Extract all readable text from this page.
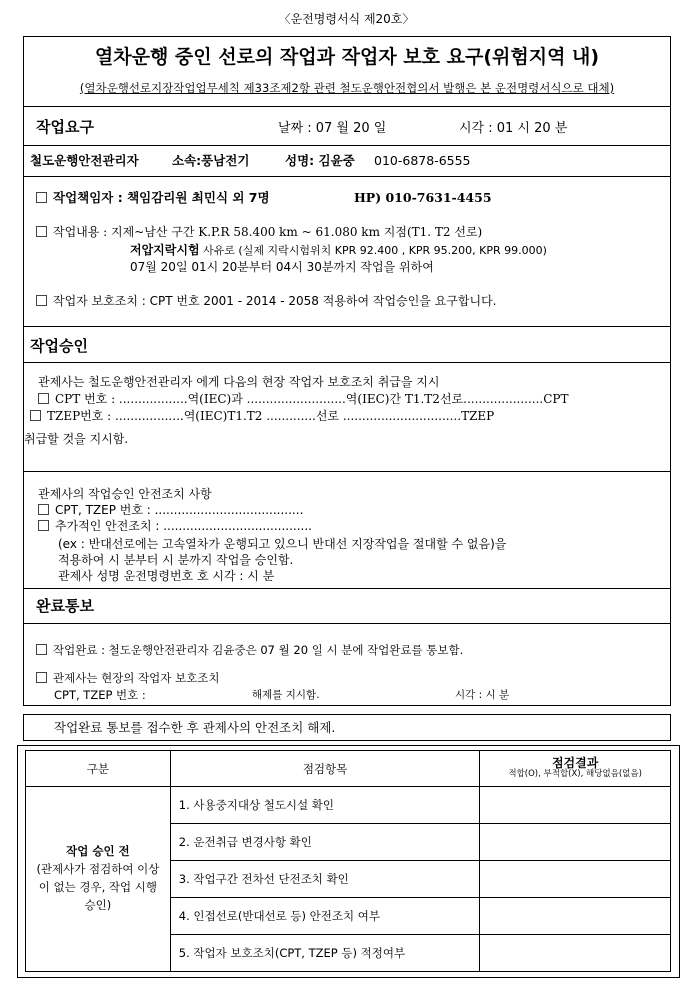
〈운전명령서식 제20호〉
열차운행 중인 선로의 작업과 작업자 보호 요구(위험지역 내)
(열차운행선로지장작업업무세칙 제33조제2항 관련 철도운행안전협의서 발행은 본 운전명령서식으로 대체)
작업요구	날짜 : 07 월 20 일	시각 : 01 시 20 분
철도운행안전관리자	소속:풍남전기	성명: 김윤중 010-6878-6555
작업책임자 : 책임감리원 최민식 외 7명	HP) 010-7631-4455
작업내용 : 지제~남산 구간 K.P.R 58.400 km ~ 61.080 km 지점(T1. T2 선로)
저압지락시험 사유로 (실제 지락시험위치 KPR 92.400 , KPR 95.200, KPR 99.000)
07월 20일 01시 20분부터 04시 30분까지 작업을 위하여
작업자 보호조치 : CPT 번호 2001 - 2014 - 2058 적용하여 작업승인을 요구합니다.
작업승인
관제사는 철도운행안전관리자 에게 다음의 현장 작업자 보호조치 취급을 지시
CPT 번호 : ..................역(IEC)과 ..........................역(IEC)간 T1.T2선로.....................CPT
TZEP번호 : ..................역(IEC)T1.T2 .............선로 ...............................TZEP
취급할 것을 지시함.
관제사의 작업승인 안전조치 사항
CPT, TZEP 번호 : .......................................
추가적인 안전조치 : .......................................
(ex : 반대선로에는 고속열차가 운행되고 있으니 반대선 지장작업을 절대할 수 없음)을
적용하여 시 분부터 시 분까지 작업을 승인함.
관제사 성명 운전명령번호 호 시각 : 시 분
완료통보
작업완료 : 철도운행안전관리자 김윤중은 07 월 20 일 시 분에 작업완료를 통보함.
관제사는 현장의 작업자 보호조치
CPT, TZEP 번호 :	해제를 지시함.	시각 : 시 분
작업완료 통보를 접수한 후 관제사의 안전조치 해제.
구분	점검항목	점검결과
적합(O), 부적합(X), 해당없음(없음)

작업 승인 전
(관제사가 점검하여 이상이 없는 경우, 작업 시행 승인)	1. 사용중지대상 철도시설 확인	
	2. 운전취급 변경사항 확인	
	3. 작업구간 전차선 단전조치 확인	
	4. 인접선로(반대선로 등) 안전조치 여부	
	5. 작업자 보호조치(CPT, TZEP 등) 적정여부	
